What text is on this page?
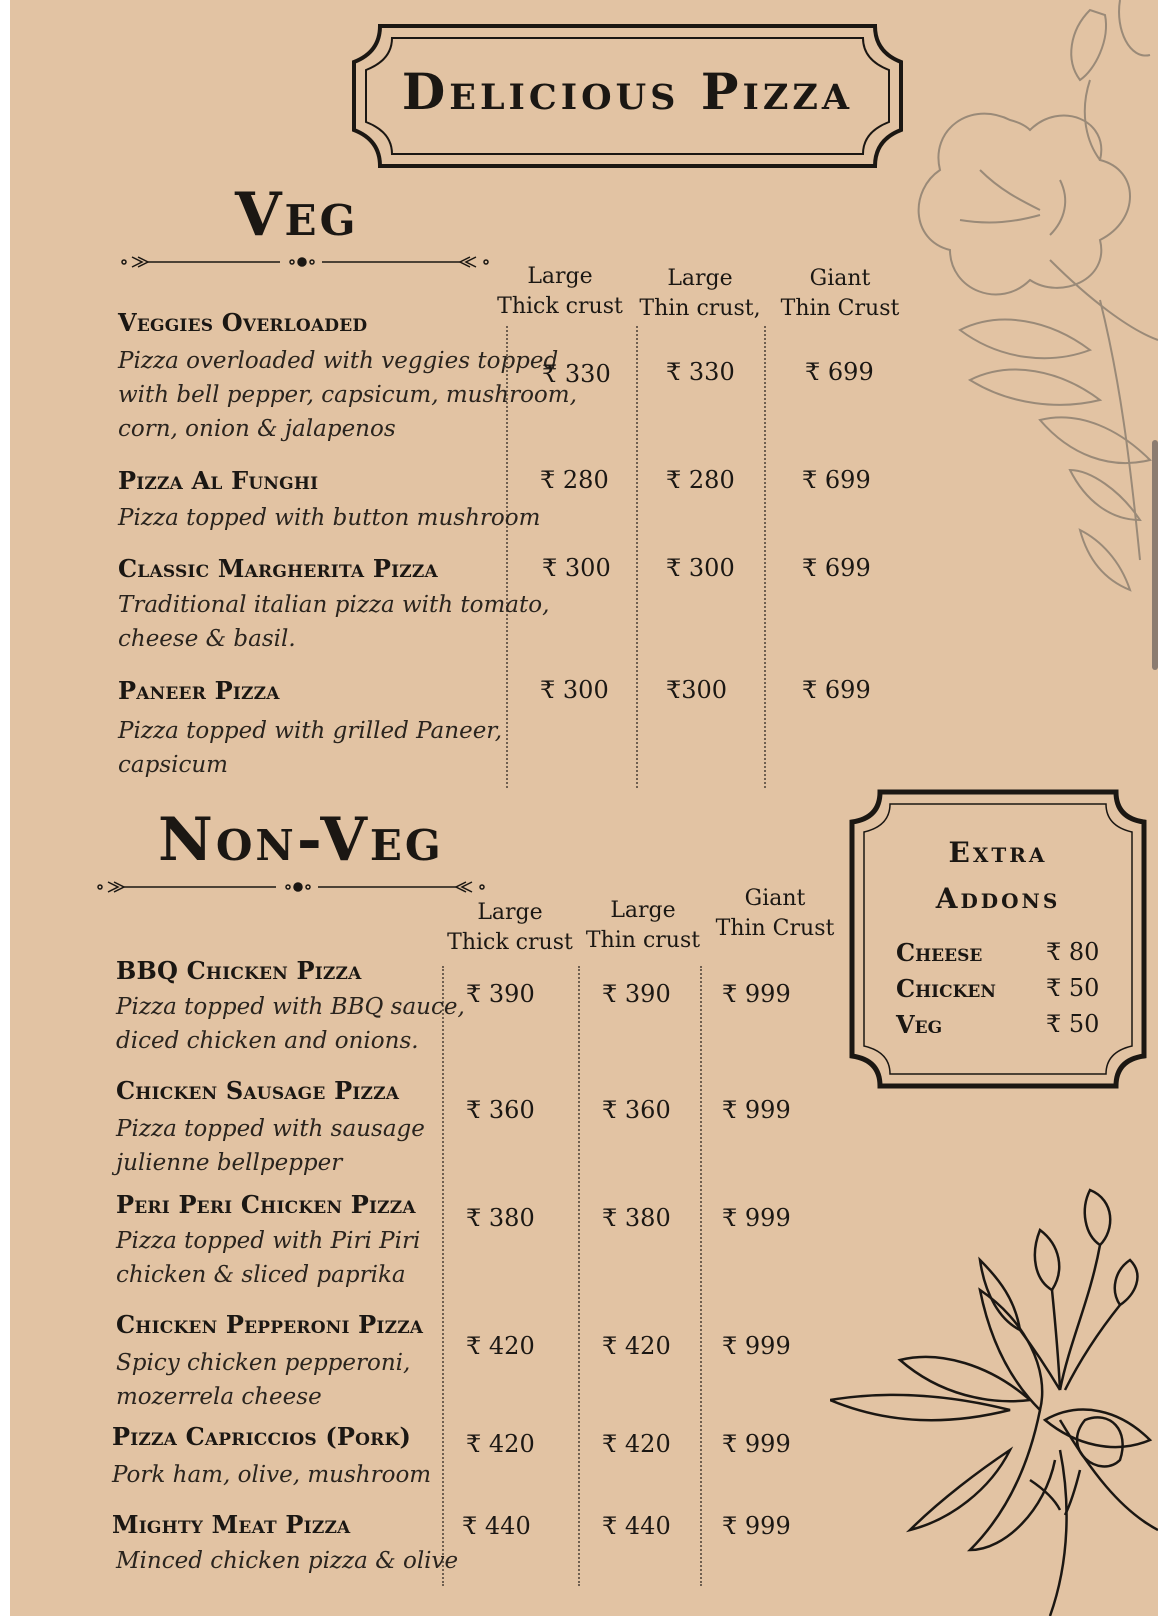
Delicious Pizza
Veg
Large
Thick crust
Large
Thin crust,
Giant
Thin Crust
Veggies Overloaded
Pizza overloaded with veggies topped
with bell pepper, capsicum, mushroom,
corn, onion & jalapenos
₹ 330 ₹ 330	₹ 699
Pizza Al Funghi
Pizza topped with button mushroom
₹ 280 ₹ 280	₹ 699
Classic Margherita Pizza
Traditional italian pizza with tomato,
cheese & basil.
₹ 300 ₹ 300	₹ 699
Paneer Pizza
Pizza topped with grilled Paneer,
capsicum
₹ 300 ₹300	₹ 699
Non-Veg
Large
Thick crust
Large
Thin crust
Giant
Thin Crust
BBQ Chicken Pizza
Pizza topped with BBQ sauce,
diced chicken and onions.
₹ 390	₹ 390 ₹ 999
Chicken Sausage Pizza
Pizza topped with sausage
julienne bellpepper
₹ 360	₹ 360 ₹ 999
Peri Peri Chicken Pizza
Pizza topped with Piri Piri
chicken & sliced paprika
₹ 380	₹ 380 ₹ 999
Chicken Pepperoni Pizza
Spicy chicken pepperoni,
mozerrela cheese
₹ 420	₹ 420 ₹ 999
Pizza Capriccios (Pork)
Pork ham, olive, mushroom
₹ 420	₹ 420 ₹ 999
Mighty Meat Pizza
Minced chicken pizza & olive
₹ 440	₹ 440 ₹ 999
Extra
Addons
Cheese	₹ 80
Chicken ₹ 50
Veg	₹ 50
